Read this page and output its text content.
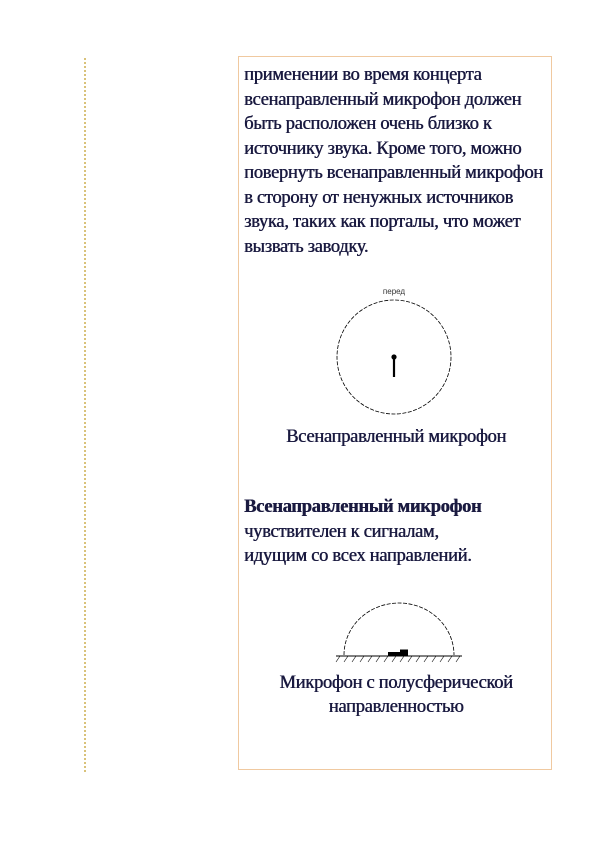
применении во время концерта всенаправленный микрофон должен быть расположен очень близко к источнику звука. Кроме того, можно повернуть всенаправленный микрофон в сторону от ненужных источников звука, таких как порталы, что может вызвать заводку.

перед
Всенаправленный микрофон

Всенаправленный микрофон чувствителен к сигналам, идущим со всех направлений.

Микрофон с полусферической направленностью
